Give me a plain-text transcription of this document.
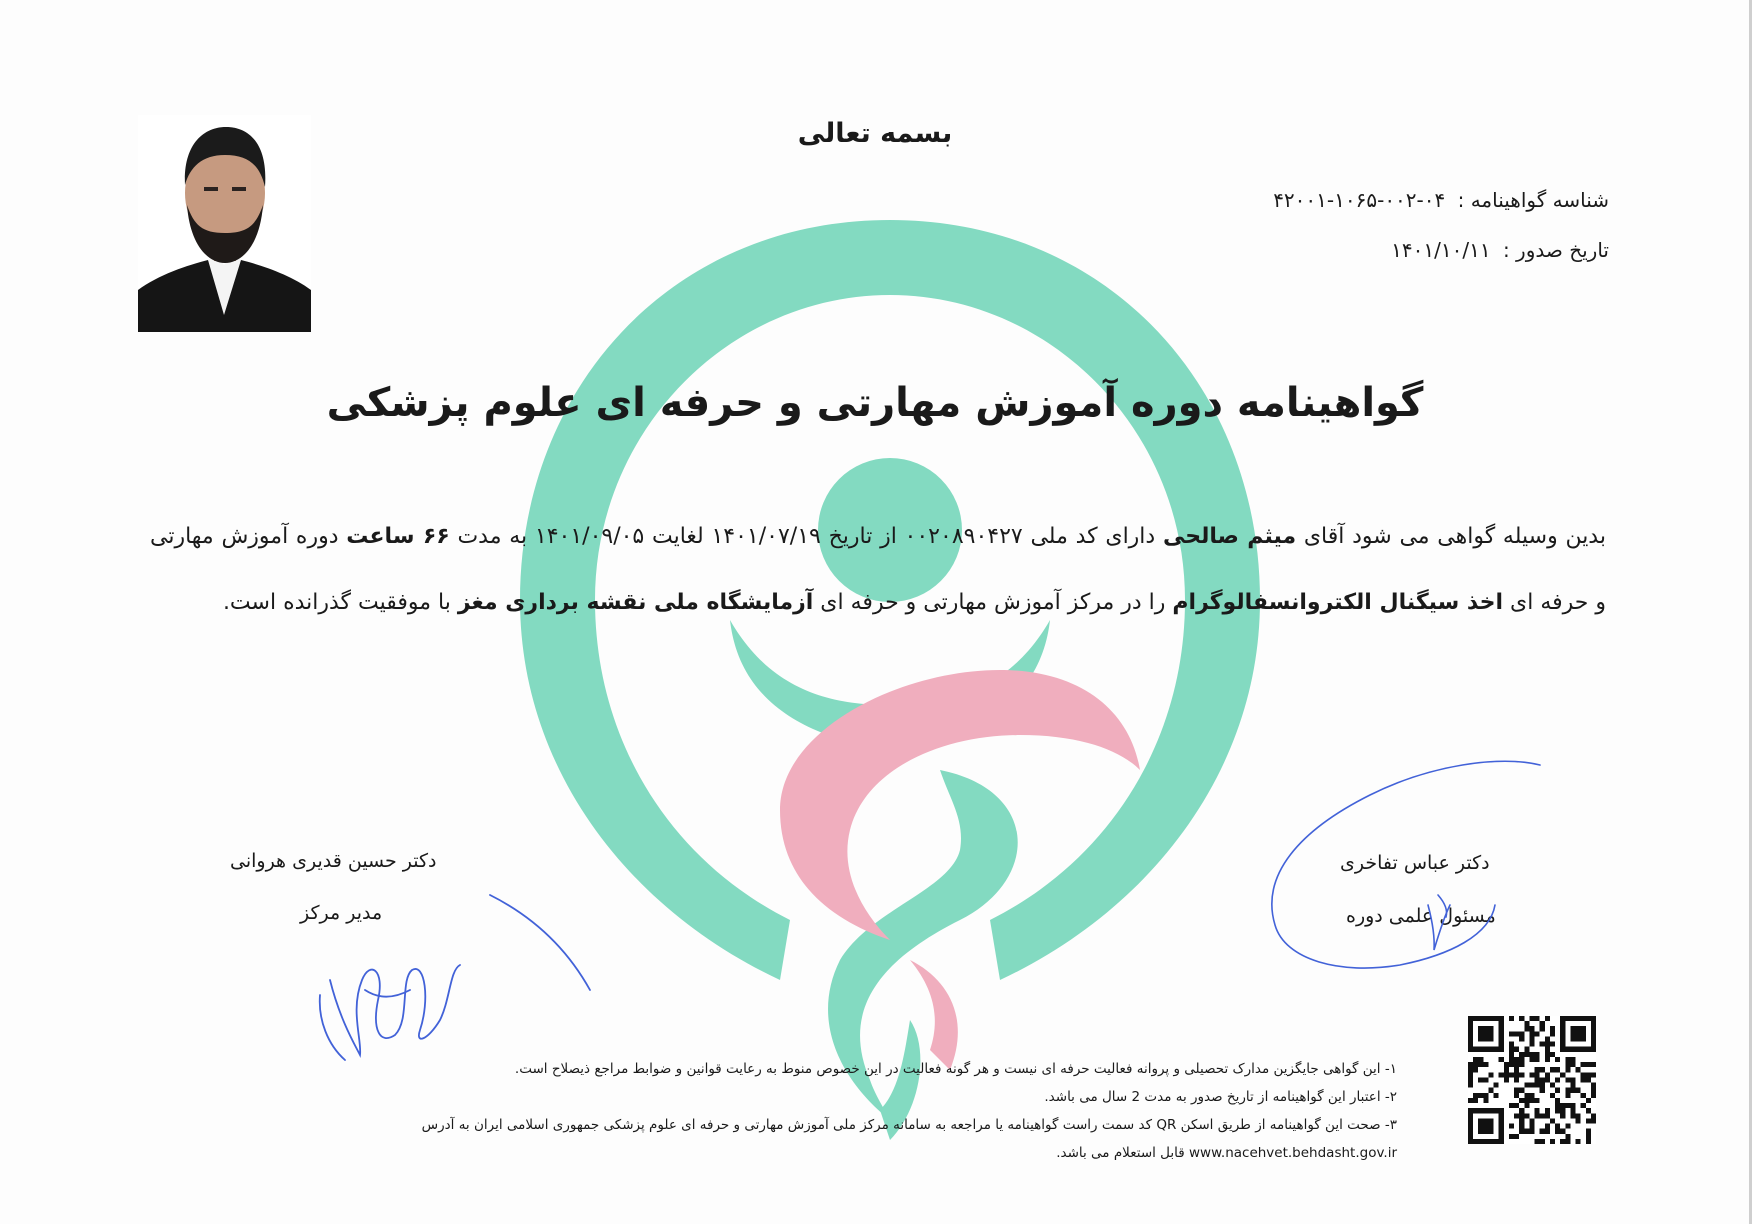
بسمه تعالی
شناسه گواهینامه : ۰۴-۰۰۲-۱۰۶۵-۴۲۰۰۱
تاریخ صدور : ۱۴۰۱/۱۰/۱۱
گواهینامه دوره آموزش مهارتی و حرفه ای علوم پزشکی
بدین وسیله گواهی می شود آقای میثم صالحی دارای کد ملی ۰۰۲۰۸۹۰۴۲۷ از تاریخ ۱۴۰۱/۰۷/۱۹ لغایت ۱۴۰۱/۰۹/۰۵ به مدت ۶۶ ساعت دوره آموزش مهارتی و حرفه ای اخذ سیگنال الکتروانسفالوگرام را در مرکز آموزش مهارتی و حرفه ای آزمایشگاه ملی نقشه برداری مغز با موفقیت گذرانده است.
دکتر حسین قدیری هروانی
مدیر مرکز
دکتر عباس تفاخری
مسئول علمی دوره
۱- این گواهی جایگزین مدارک تحصیلی و پروانه فعالیت حرفه ای نیست و هر گونه فعالیت در این خصوص منوط به رعایت قوانین و ضوابط مراجع ذیصلاح است.
۲- اعتبار این گواهینامه از تاریخ صدور به مدت 2 سال می باشد.
۳- صحت این گواهینامه از طریق اسکن QR کد سمت راست گواهینامه یا مراجعه به سامانه مرکز ملی آموزش مهارتی و حرفه ای علوم پزشکی جمهوری اسلامی ایران به آدرس
www.nacehvet.behdasht.gov.ir قابل استعلام می باشد.
